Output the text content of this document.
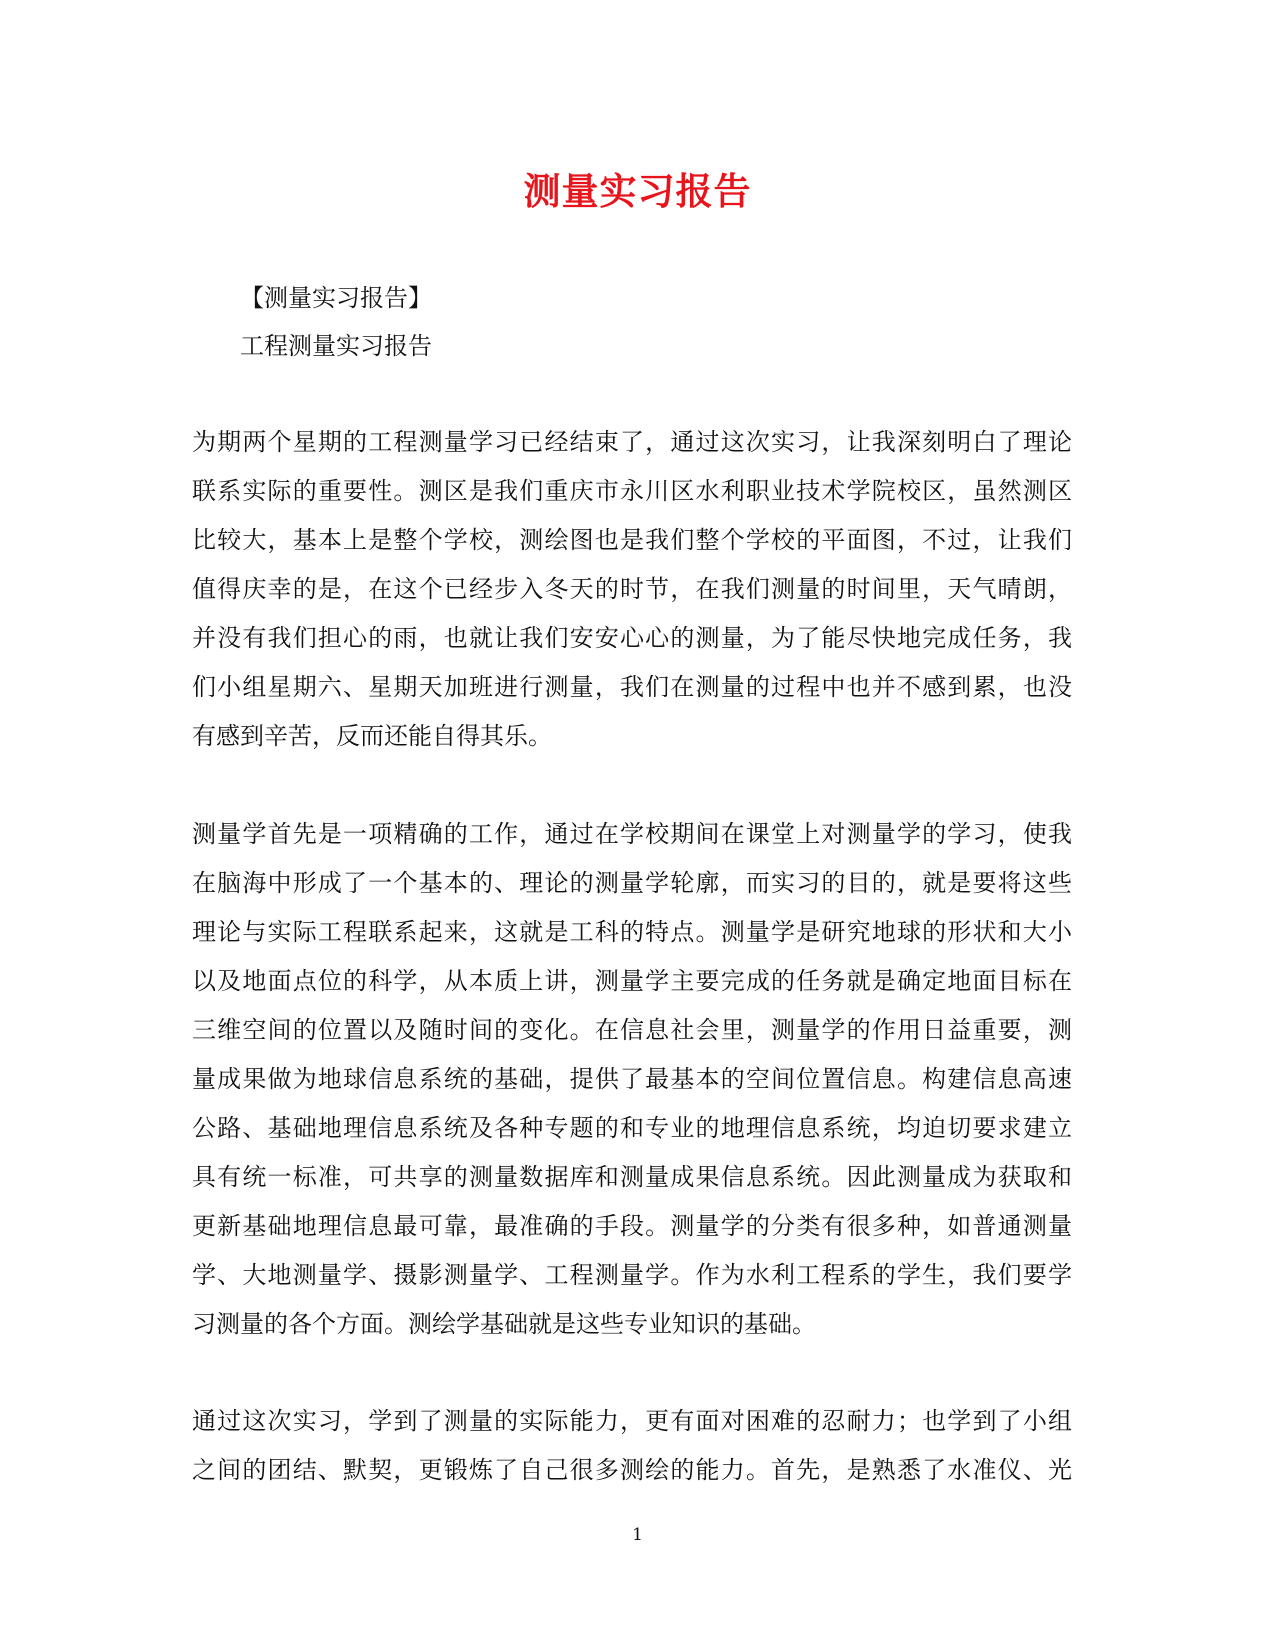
测量实习报告
【测量实习报告】
工程测量实习报告
为期两个星期的工程测量学习已经结束了，通过这次实习，让我深刻明白了理论
联系实际的重要性。测区是我们重庆市永川区水利职业技术学院校区，虽然测区
比较大，基本上是整个学校，测绘图也是我们整个学校的平面图，不过，让我们
值得庆幸的是，在这个已经步入冬天的时节，在我们测量的时间里，天气晴朗，
并没有我们担心的雨，也就让我们安安心心的测量，为了能尽快地完成任务，我
们小组星期六、星期天加班进行测量，我们在测量的过程中也并不感到累，也没
有感到辛苦，反而还能自得其乐。
测量学首先是一项精确的工作，通过在学校期间在课堂上对测量学的学习，使我
在脑海中形成了一个基本的、理论的测量学轮廓，而实习的目的，就是要将这些
理论与实际工程联系起来，这就是工科的特点。测量学是研究地球的形状和大小
以及地面点位的科学，从本质上讲，测量学主要完成的任务就是确定地面目标在
三维空间的位置以及随时间的变化。在信息社会里，测量学的作用日益重要，测
量成果做为地球信息系统的基础，提供了最基本的空间位置信息。构建信息高速
公路、基础地理信息系统及各种专题的和专业的地理信息系统，均迫切要求建立
具有统一标准，可共享的测量数据库和测量成果信息系统。因此测量成为获取和
更新基础地理信息最可靠，最准确的手段。测量学的分类有很多种，如普通测量
学、大地测量学、摄影测量学、工程测量学。作为水利工程系的学生，我们要学
习测量的各个方面。测绘学基础就是这些专业知识的基础。
通过这次实习，学到了测量的实际能力，更有面对困难的忍耐力；也学到了小组
之间的团结、默契，更锻炼了自己很多测绘的能力。首先，是熟悉了水准仪、光
1
